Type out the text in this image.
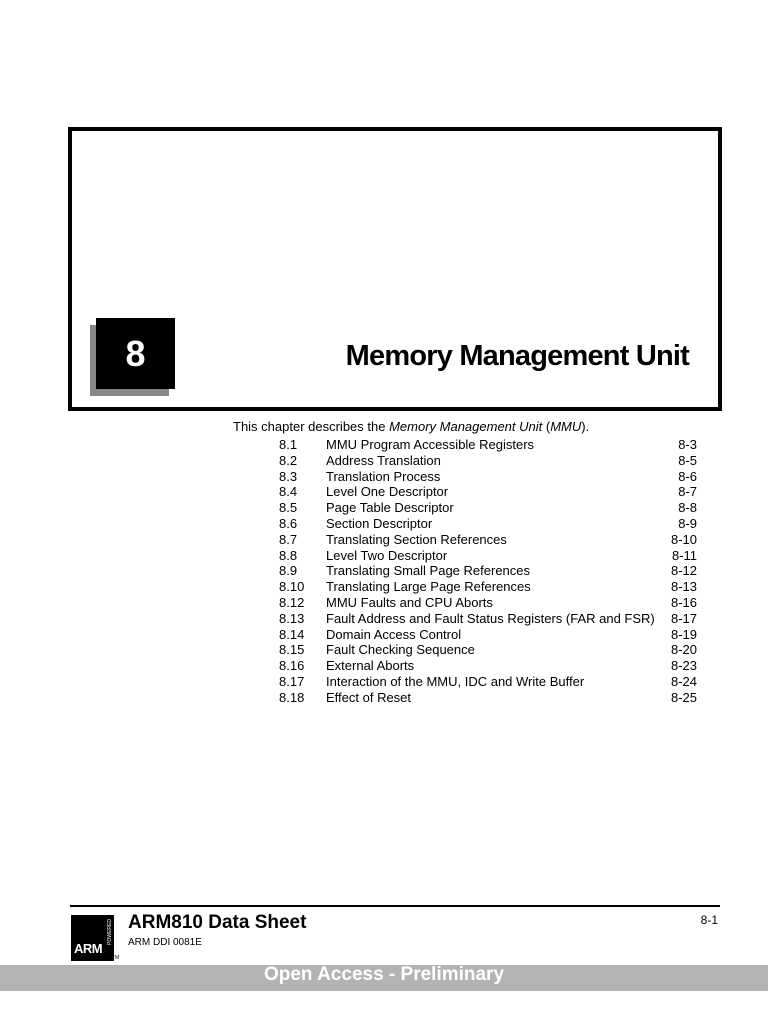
8	Memory Management Unit
This chapter describes the Memory Management Unit (MMU).
8.1	MMU Program Accessible Registers	8-3
8.2	Address Translation	8-5
8.3	Translation Process	8-6
8.4	Level One Descriptor	8-7
8.5	Page Table Descriptor	8-8
8.6	Section Descriptor	8-9
8.7	Translating Section References	8-10
8.8	Level Two Descriptor	8-11
8.9	Translating Small Page References	8-12
8.10	Translating Large Page References	8-13
8.12	MMU Faults and CPU Aborts	8-16
8.13	Fault Address and Fault Status Registers (FAR and FSR)	8-17
8.14	Domain Access Control	8-19
8.15	Fault Checking Sequence	8-20
8.16	External Aborts	8-23
8.17	Interaction of the MMU, IDC and Write Buffer	8-24
8.18	Effect of Reset	8-25
ARM
POWERED
TM
ARM810 Data Sheet
ARM DDI 0081E
8-1
Open Access - Preliminary
